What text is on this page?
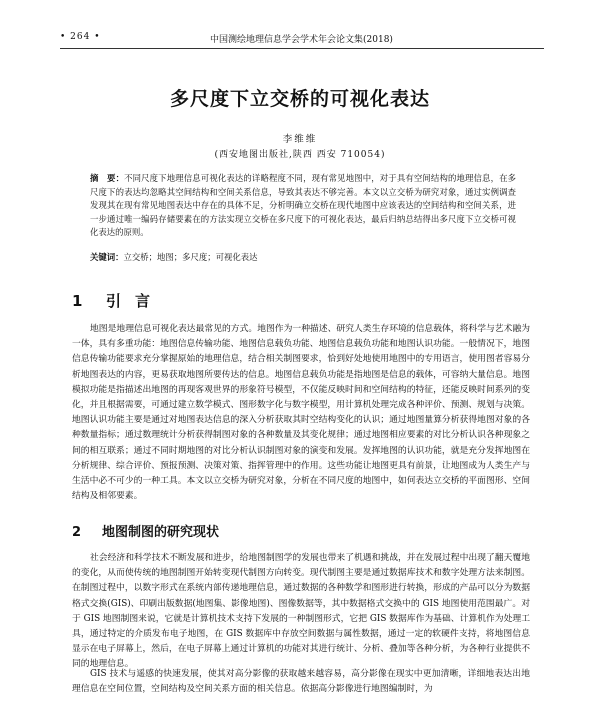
• 264 •	中国测绘地理信息学会学术年会论文集(2018)
多尺度下立交桥的可视化表达
李维维
(西安地图出版社,陕西 西安 710054)

摘　要：不同尺度下地理信息可视化表达的详略程度不同，现有常见地图中，对于具有空间结构的地理信息，在多尺度下的表达均忽略其空间结构和空间关系信息，导致其表达不够完善。本文以立交桥为研究对象，通过实例调查发现其在现有常见地图表达中存在的具体不足，分析明确立交桥在现代地图中应该表达的空间结构和空间关系，进一步通过唯一编码存储要素在的方法实现立交桥在多尺度下的可视化表达，最后归纳总结得出多尺度下立交桥可视化表达的原则。

关键词：立交桥；地图；多尺度；可视化表达
1 引言

地图是地理信息可视化表达最常见的方式。地图作为一种描述、研究人类生存环境的信息载体，将科学与艺术融为一体，具有多重功能：地图信息传输功能、地图信息载负功能、地图信息载负功能和地图认识功能。一般情况下，地图信息传输功能要求充分掌握原始的地理信息，结合相关制图要求，恰到好处地使用地图中的专用语言，使用图者容易分析地图表达的内容，更易获取地图所要传达的信息。地图信息载负功能是指地图是信息的载体，可容纳大量信息。地图模拟功能是指描述出地图的再现客观世界的形象符号模型，不仅能反映时间和空间结构的特征，还能反映时间系列的变化，并且根据需要，可通过建立数学模式、图形数字化与数字模型，用计算机处理完成各种评价、预测、规划与决策。地图认识功能主要是通过对地图表达信息的深入分析获取其时空结构变化的认识；通过地图量算分析获得地图对象的各种数量指标；通过数理统计分析获得制图对象的各种数量及其变化规律；通过地图相应要素的对比分析认识各种现象之间的相互联系；通过不同时期地图的对比分析认识制图对象的演变和发展。发挥地图的认识功能，就是充分发挥地图在分析规律、综合评价、预报预测、决策对策、指挥管理中的作用。这些功能让地图更具有前景，让地图成为人类生产与生活中必不可少的一种工具。本文以立交桥为研究对象，分析在不同尺度的地图中，如何表达立交桥的平面图形、空间结构及相邻要素。

2 地图制图的研究现状

社会经济和科学技术不断发展和进步，给地图制图学的发展也带来了机遇和挑战，并在发展过程中出现了翻天覆地的变化，从而使传统的地图制图开始转变现代制图方向转变。现代制图主要是通过数据库技术和数字处理方法来制图。在制图过程中，以数字形式在系统内部传递地理信息，通过数据的各种数学和图形进行转换，形成的产品可以分为数据格式交换(GIS)、印刷出版数据(地图集、影像地图)、图像数据等，其中数据格式交换中的 GIS 地图使用范围最广。对于 GIS 地图制图来说，它就是计算机技术支持下发展的一种制图形式，它把 GIS 数据库作为基础、计算机作为处理工具，通过特定的介质发布电子地图，在 GIS 数据库中存放空间数据与属性数据，通过一定的软硬件支持，将地图信息显示在电子屏幕上，然后，在电子屏幕上通过计算机的功能对其进行统计、分析、叠加等各种分析，为各种行业提供不同的地理信息。

GIS 技术与遥感的快速发展，使其对高分影像的获取越来越容易，高分影像在现实中更加清晰，详细地表达出地理信息在空间位置，空间结构及空间关系方面的相关信息。依据高分影像进行地图编制时，为
